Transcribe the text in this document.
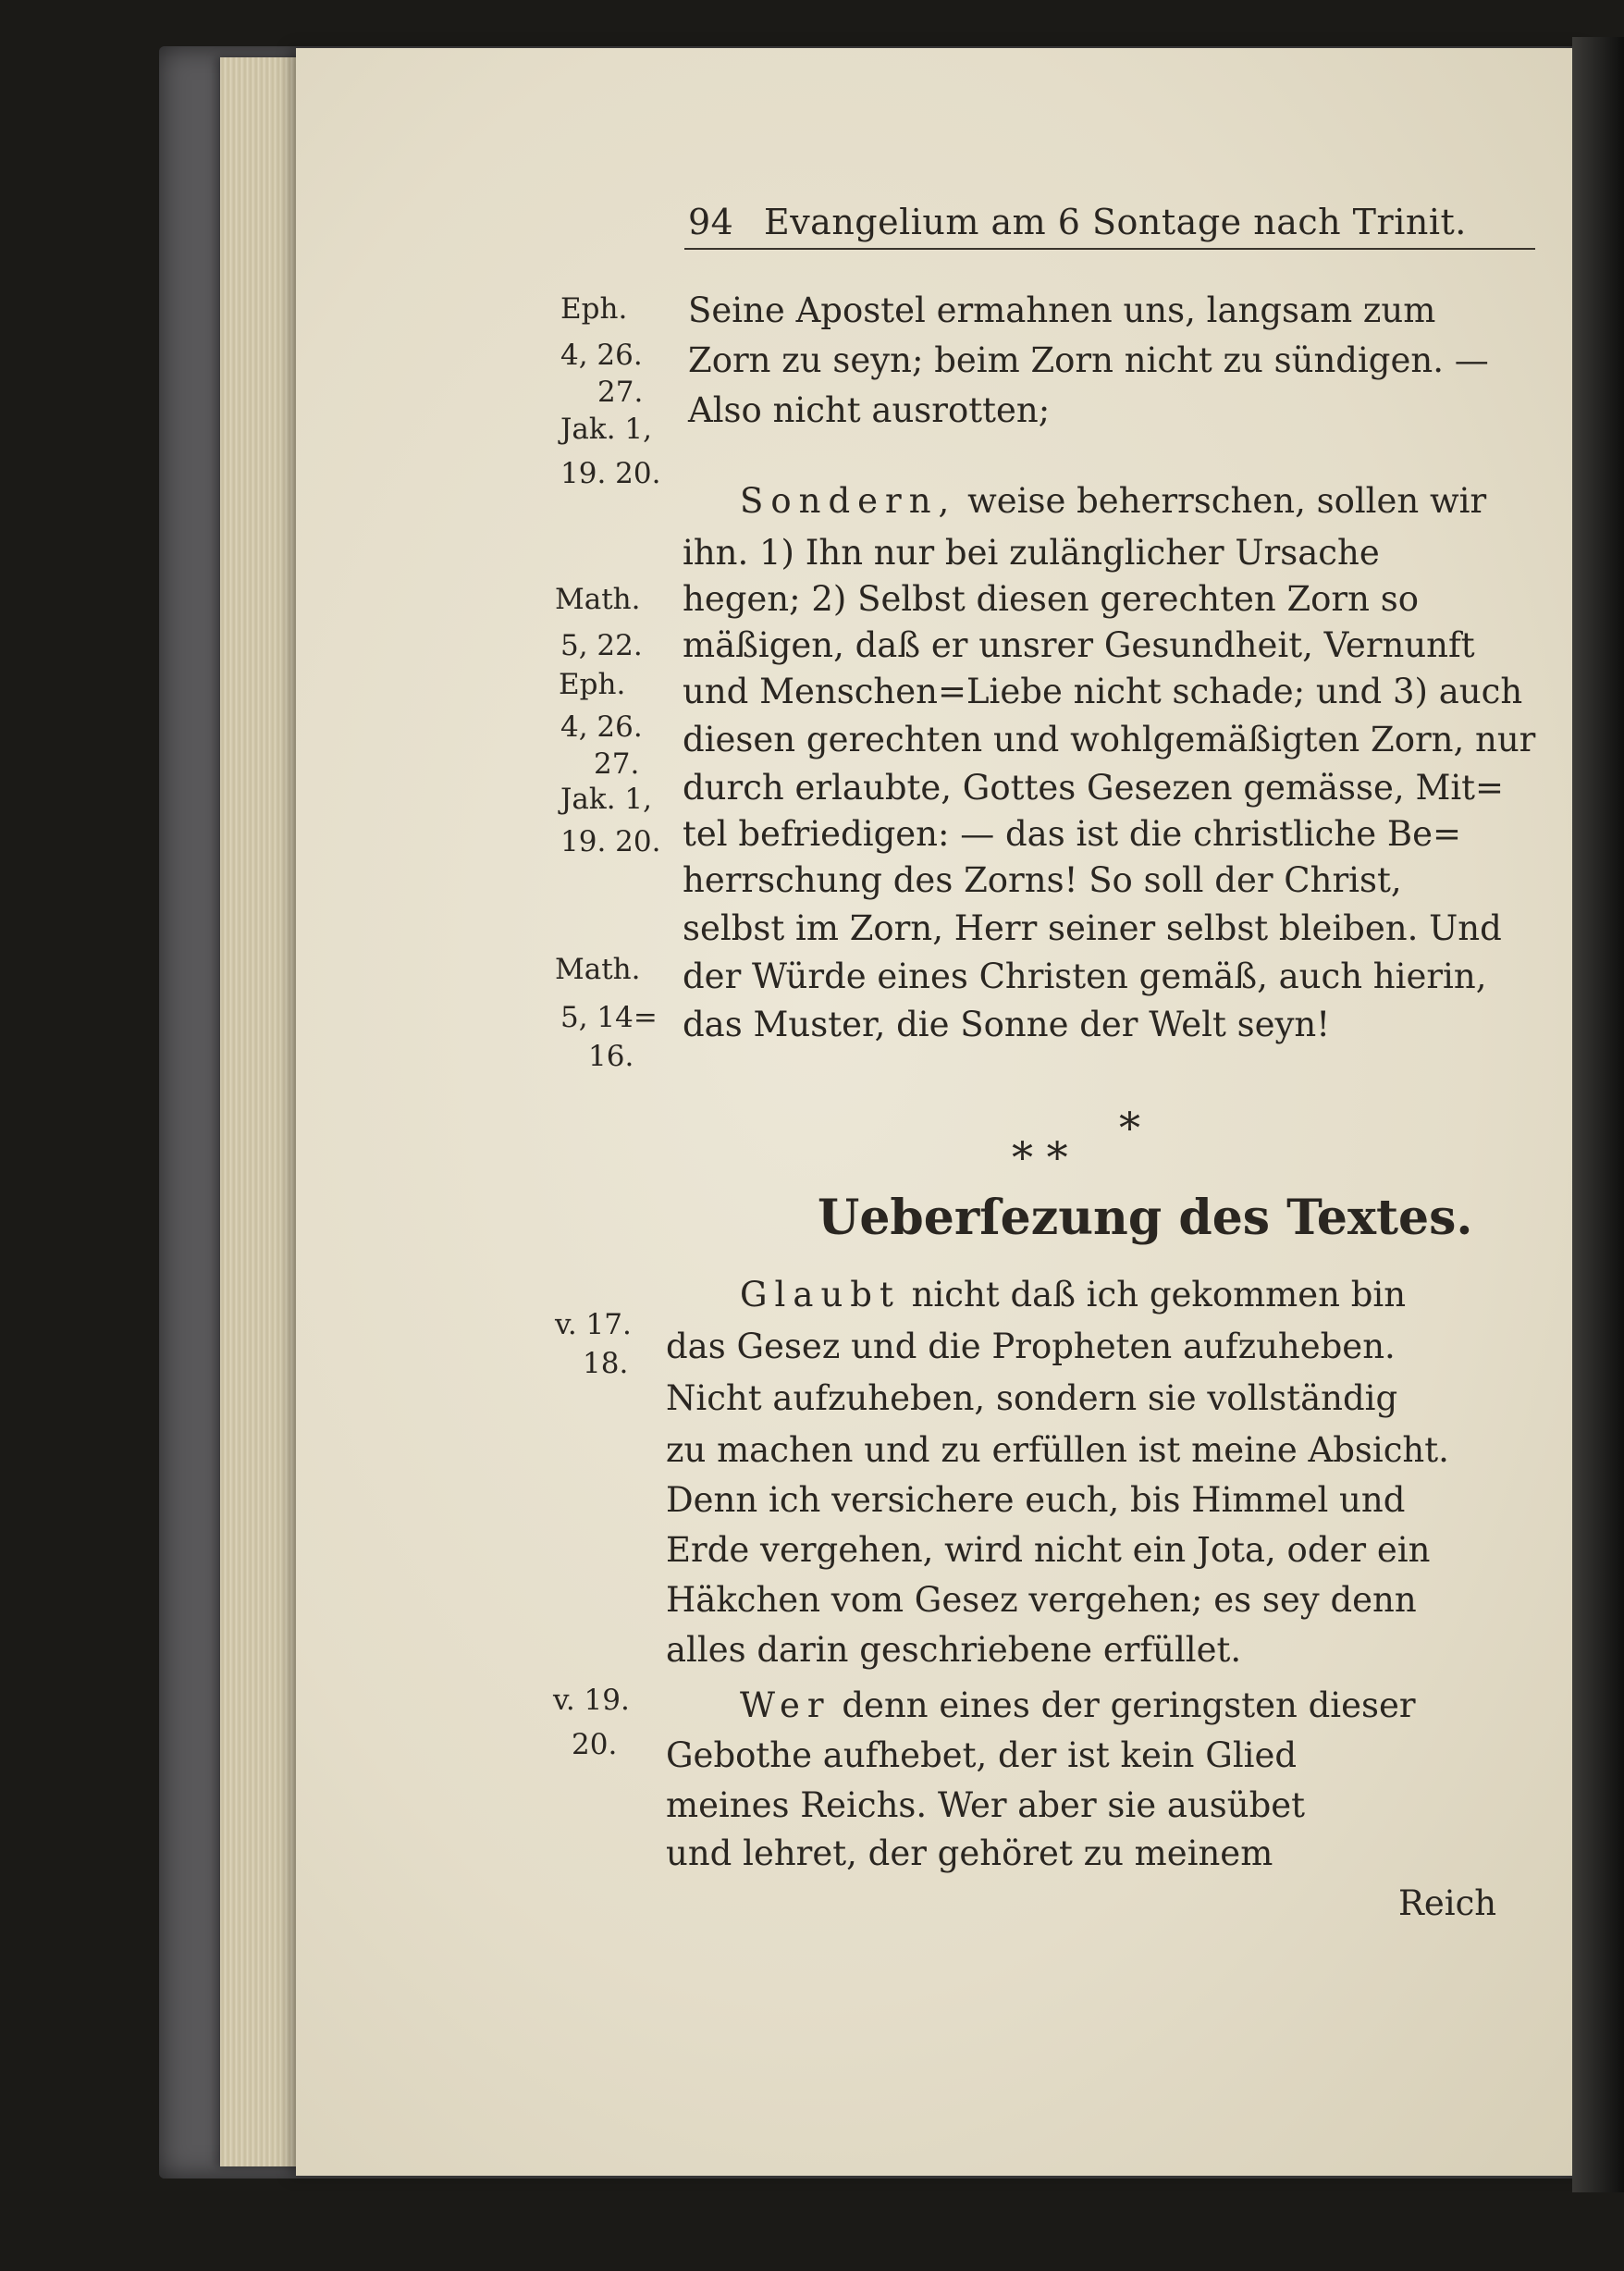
94 Evangelium am 6 Sontage nach Trinit.
Seine Apostel ermahnen uns, langsam zum
Zorn zu seyn; beim Zorn nicht zu sündigen. —
Also nicht ausrotten;
Sondern, weise beherrschen, sollen wir
ihn. 1) Ihn nur bei zulänglicher Ursache
hegen; 2) Selbst diesen gerechten Zorn so
mäßigen, daß er unsrer Gesundheit, Vernunft
und Menschen=Liebe nicht schade; und 3) auch
diesen gerechten und wohlgemäßigten Zorn, nur
durch erlaubte, Gottes Gesezen gemässe, Mit=
tel befriedigen: — das ist die christliche Be=
herrschung des Zorns! So soll der Christ,
selbst im Zorn, Herr seiner selbst bleiben. Und
der Würde eines Christen gemäß, auch hierin,
das Muster, die Sonne der Welt seyn!
Eph.
4, 26.
27.
Jak. 1,
19. 20.
Math.
5, 22.
Eph.
4, 26.
27.
Jak. 1,
19. 20.
Math.
5, 14=
16.
*
* *
Ueberſezung des Textes.
v. 17.
18.
Glaubt nicht daß ich gekommen bin
das Gesez und die Propheten aufzuheben.
Nicht aufzuheben, sondern sie vollständig
zu machen und zu erfüllen ist meine Absicht.
Denn ich versichere euch, bis Himmel und
Erde vergehen, wird nicht ein Jota, oder ein
Häkchen vom Gesez vergehen; es sey denn
alles darin geschriebene erfüllet.
v. 19.
20.
Wer denn eines der geringsten dieser
Gebothe aufhebet, der ist kein Glied
meines Reichs. Wer aber sie ausübet
und lehret, der gehöret zu meinem
Reich
